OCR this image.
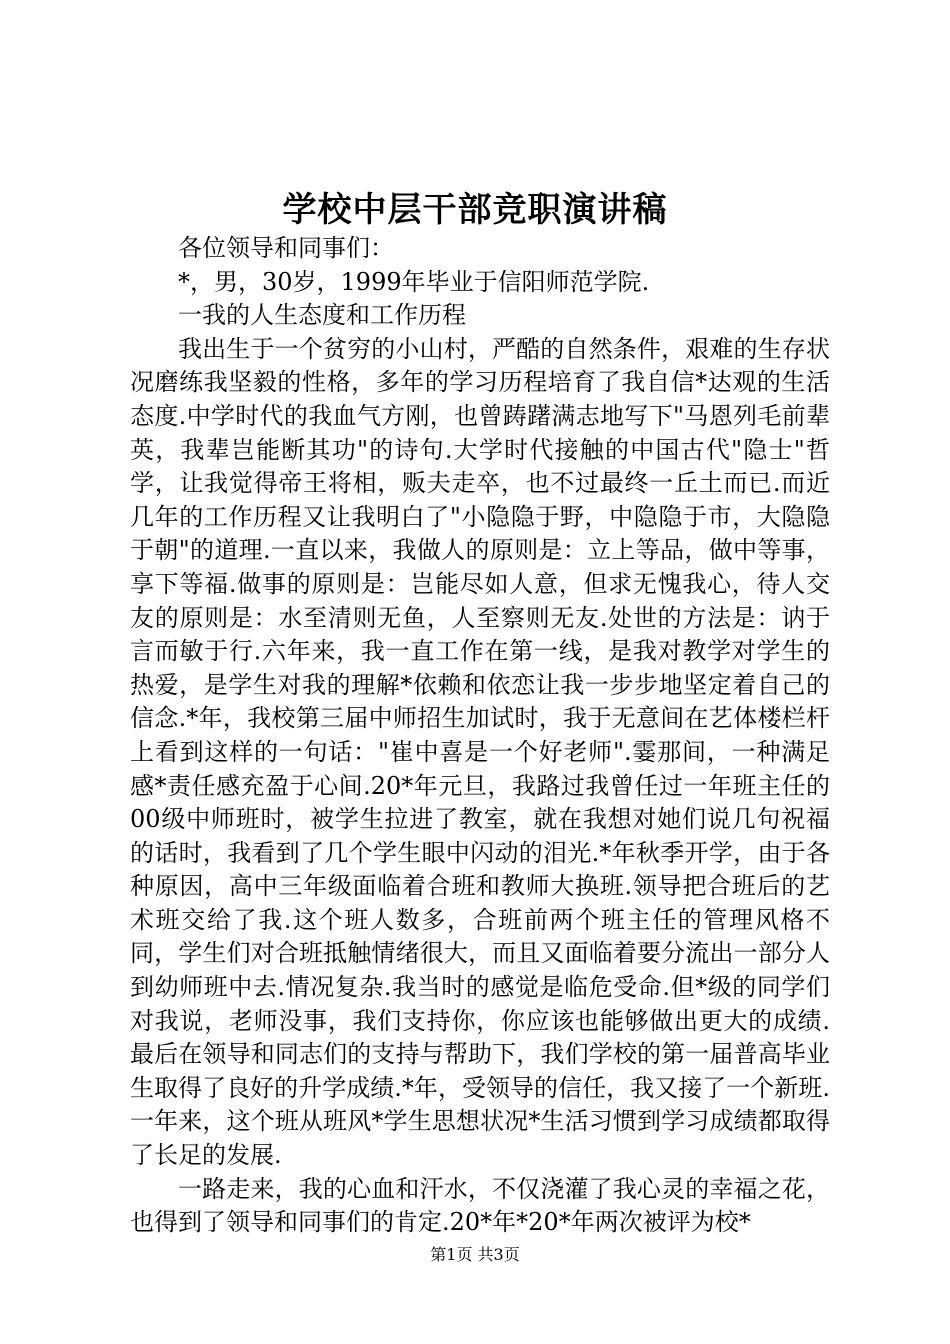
学校中层干部竞职演讲稿

各位领导和同事们：

*，男，30岁，1999年毕业于信阳师范学院.

一我的人生态度和工作历程

我出生于一个贫穷的小山村，严酷的自然条件，艰难的生存状况磨练我坚毅的性格，多年的学习历程培育了我自信*达观的生活态度.中学时代的我血气方刚，也曾踌躇满志地写下"马恩列毛前辈英，我辈岂能断其功"的诗句.大学时代接触的中国古代"隐士"哲学，让我觉得帝王将相，贩夫走卒，也不过最终一丘土而已.而近几年的工作历程又让我明白了"小隐隐于野，中隐隐于市，大隐隐于朝"的道理.一直以来，我做人的原则是：立上等品，做中等事，享下等福.做事的原则是：岂能尽如人意，但求无愧我心，待人交友的原则是：水至清则无鱼，人至察则无友.处世的方法是：讷于言而敏于行.六年来，我一直工作在第一线，是我对教学对学生的热爱，是学生对我的理解*依赖和依恋让我一步步地坚定着自己的信念.*年，我校第三届中师招生加试时，我于无意间在艺体楼栏杆上看到这样的一句话："崔中喜是一个好老师".霎那间，一种满足感*责任感充盈于心间.20*年元旦，我路过我曾任过一年班主任的00级中师班时，被学生拉进了教室，就在我想对她们说几句祝福的话时，我看到了几个学生眼中闪动的泪光.*年秋季开学，由于各种原因，高中三年级面临着合班和教师大换班.领导把合班后的艺术班交给了我.这个班人数多，合班前两个班主任的管理风格不同，学生们对合班抵触情绪很大，而且又面临着要分流出一部分人到幼师班中去.情况复杂.我当时的感觉是临危受命.但*级的同学们对我说，老师没事，我们支持你，你应该也能够做出更大的成绩.最后在领导和同志们的支持与帮助下，我们学校的第一届普高毕业生取得了良好的升学成绩.*年，受领导的信任，我又接了一个新班.一年来，这个班从班风*学生思想状况*生活习惯到学习成绩都取得了长足的发展.

一路走来，我的心血和汗水，不仅浇灌了我心灵的幸福之花，也得到了领导和同事们的肯定.20*年*20*年两次被评为校*

第1页 共3页
